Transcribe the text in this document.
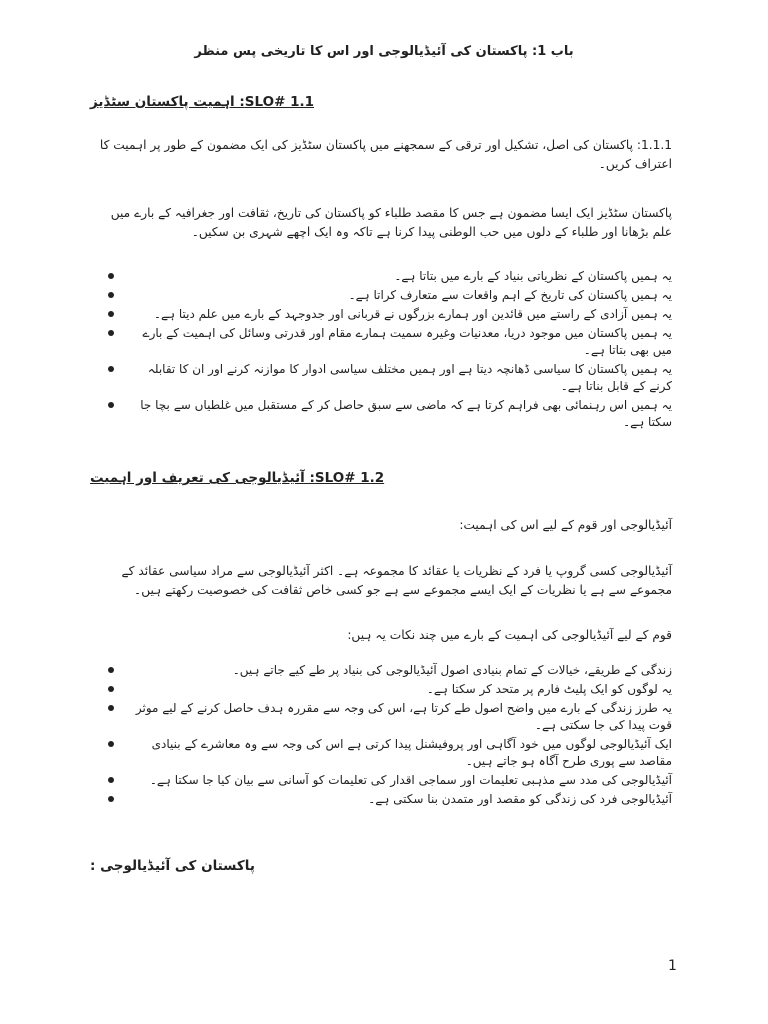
باب 1: پاکستان کی آئیڈیالوجی اور اس کا تاریخی پس منظر
SLO# 1.1: اہمیت پاکستان سٹڈیز
1.1.1: پاکستان کی اصل، تشکیل اور ترقی کے سمجھنے میں پاکستان سٹڈیز کی ایک مضمون کے طور پر اہمیت کا اعتراف کریں۔
پاکستان سٹڈیز ایک ایسا مضمون ہے جس کا مقصد طلباء کو پاکستان کی تاریخ، ثقافت اور جغرافیہ کے بارے میں علم بڑھانا اور طلباء کے دلوں میں حب الوطنی پیدا کرنا ہے تاکہ وہ ایک اچھے شہری بن سکیں۔
یہ ہمیں پاکستان کے نظریاتی بنیاد کے بارے میں بتاتا ہے۔
یہ ہمیں پاکستان کی تاریخ کے اہم واقعات سے متعارف کراتا ہے۔
یہ ہمیں آزادی کے راستے میں قائدین اور ہمارے بزرگوں نے قربانی اور جدوجہد کے بارے میں علم دیتا ہے۔
یہ ہمیں پاکستان میں موجود دریا، معدنیات وغیرہ سمیت ہمارے مقام اور قدرتی وسائل کی اہمیت کے بارے میں بھی بتاتا ہے۔
یہ ہمیں پاکستان کا سیاسی ڈھانچہ دیتا ہے اور ہمیں مختلف سیاسی ادوار کا موازنہ کرنے اور ان کا تقابلہ کرنے کے قابل بناتا ہے۔
یہ ہمیں اس رہنمائی بھی فراہم کرتا ہے کہ ماضی سے سبق حاصل کر کے مستقبل میں غلطیاں سے بچا جا سکتا ہے۔
SLO# 1.2: آئیڈیالوجی کی تعریف اور اہمیت
آئیڈیالوجی اور قوم کے لیے اس کی اہمیت:
آئیڈیالوجی کسی گروپ یا فرد کے نظریات یا عقائد کا مجموعہ ہے۔ اکثر آئیڈیالوجی سے مراد سیاسی عقائد کے مجموعے سے ہے یا نظریات کے ایک ایسے مجموعے سے ہے جو کسی خاص ثقافت کی خصوصیت رکھتے ہیں۔
قوم کے لیے آئیڈیالوجی کی اہمیت کے بارے میں چند نکات یہ ہیں:
زندگی کے طریقے، خیالات کے تمام بنیادی اصول آئیڈیالوجی کی بنیاد پر طے کیے جاتے ہیں۔
یہ لوگوں کو ایک پلیٹ فارم پر متحد کر سکتا ہے۔
یہ طرز زندگی کے بارے میں واضح اصول طے کرتا ہے، اس کی وجہ سے مقررہ ہدف حاصل کرنے کے لیے موثر قوت پیدا کی جا سکتی ہے۔
ایک آئیڈیالوجی لوگوں میں خود آگاہی اور پروفیشنل پیدا کرتی ہے اس کی وجہ سے وہ معاشرے کے بنیادی مقاصد سے پوری طرح آگاہ ہو جاتے ہیں۔
آئیڈیالوجی کی مدد سے مذہبی تعلیمات اور سماجی اقدار کی تعلیمات کو آسانی سے بیان کیا جا سکتا ہے۔
آئیڈیالوجی فرد کی زندگی کو مقصد اور متمدن بنا سکتی ہے۔
پاکستان کی آئیڈیالوجی :
1
